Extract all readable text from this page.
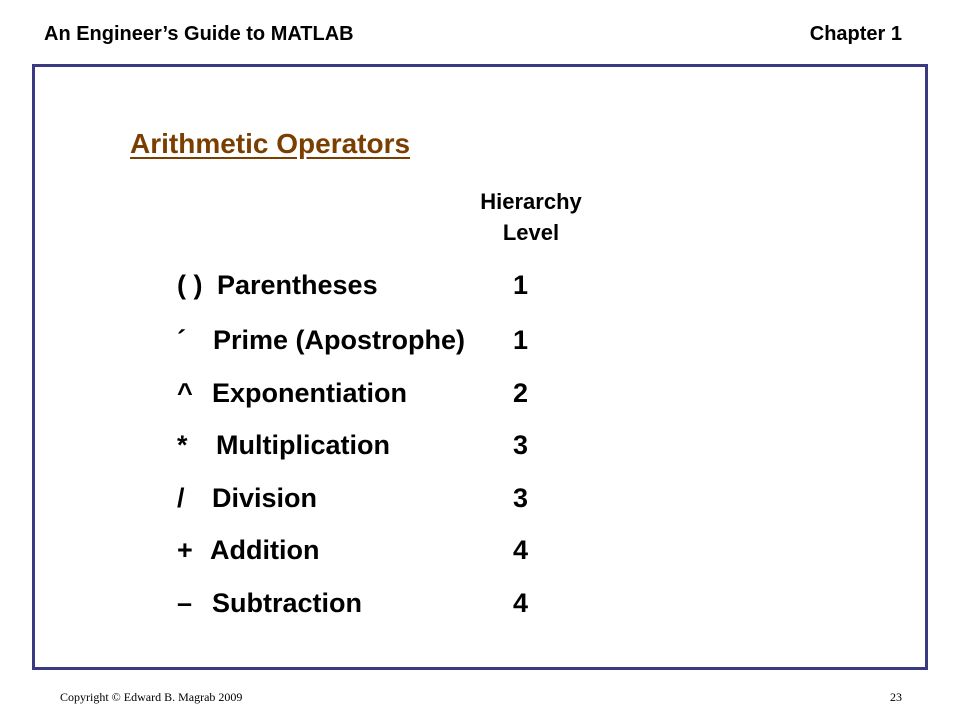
An Engineer’s Guide to MATLAB	Chapter 1
Arithmetic Operators
Hierarchy
Level
( ) Parentheses	1
´ Prime (Apostrophe) 1
^ Exponentiation	2
* Multiplication	3
/ Division	3
+ Addition	4
– Subtraction	4
Copyright © Edward B. Magrab 2009	23
